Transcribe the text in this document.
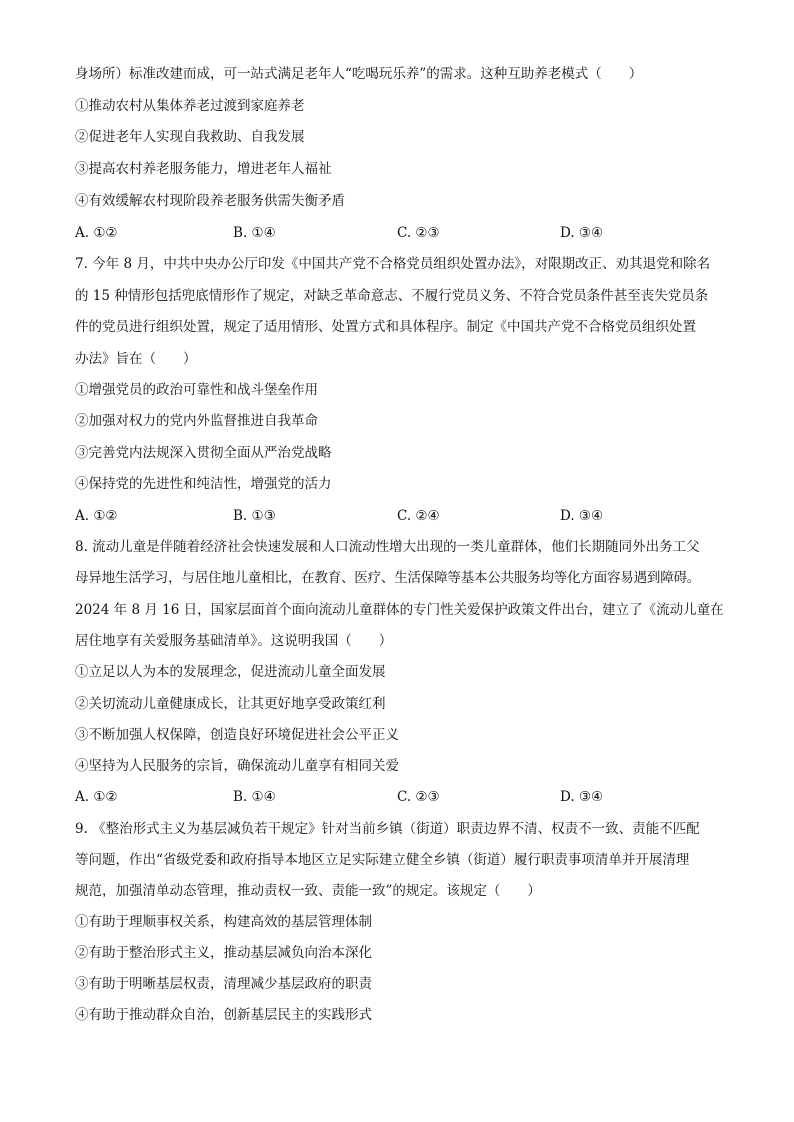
身场所）标准改建而成，可一站式满足老年人“吃喝玩乐养”的需求。这种互助养老模式（　　）
①推动农村从集体养老过渡到家庭养老
②促进老年人实现自我救助、自我发展
③提高农村养老服务能力，增进老年人福祉
④有效缓解农村现阶段养老服务供需失衡矛盾
A. ①②	B. ①④	C. ②③	D. ③④
7. 今年 8 月，中共中央办公厅印发《中国共产党不合格党员组织处置办法》，对限期改正、劝其退党和除名
的 15 种情形包括兜底情形作了规定，对缺乏革命意志、不履行党员义务、不符合党员条件甚至丧失党员条
件的党员进行组织处置，规定了适用情形、处置方式和具体程序。制定《中国共产党不合格党员组织处置
办法》旨在（　　）
①增强党员的政治可靠性和战斗堡垒作用
②加强对权力的党内外监督推进自我革命
③完善党内法规深入贯彻全面从严治党战略
④保持党的先进性和纯洁性，增强党的活力
A. ①②	B. ①③	C. ②④	D. ③④
8. 流动儿童是伴随着经济社会快速发展和人口流动性增大出现的一类儿童群体，他们长期随同外出务工父
母异地生活学习，与居住地儿童相比，在教育、医疗、生活保障等基本公共服务均等化方面容易遇到障碍。
2024 年 8 月 16 日，国家层面首个面向流动儿童群体的专门性关爱保护政策文件出台，建立了《流动儿童在
居住地享有关爱服务基础清单》。这说明我国（　　）
①立足以人为本的发展理念，促进流动儿童全面发展
②关切流动儿童健康成长，让其更好地享受政策红利
③不断加强人权保障，创造良好环境促进社会公平正义
④坚持为人民服务的宗旨，确保流动儿童享有相同关爱
A. ①②	B. ①④	C. ②③	D. ③④
9. 《整治形式主义为基层减负若干规定》针对当前乡镇（街道）职责边界不清、权责不一致、责能不匹配
等问题，作出“省级党委和政府指导本地区立足实际建立健全乡镇（街道）履行职责事项清单并开展清理
规范，加强清单动态管理，推动责权一致、责能一致”的规定。该规定（　　）
①有助于理顺事权关系，构建高效的基层管理体制
②有助于整治形式主义，推动基层减负向治本深化
③有助于明晰基层权责，清理减少基层政府的职责
④有助于推动群众自治，创新基层民主的实践形式
